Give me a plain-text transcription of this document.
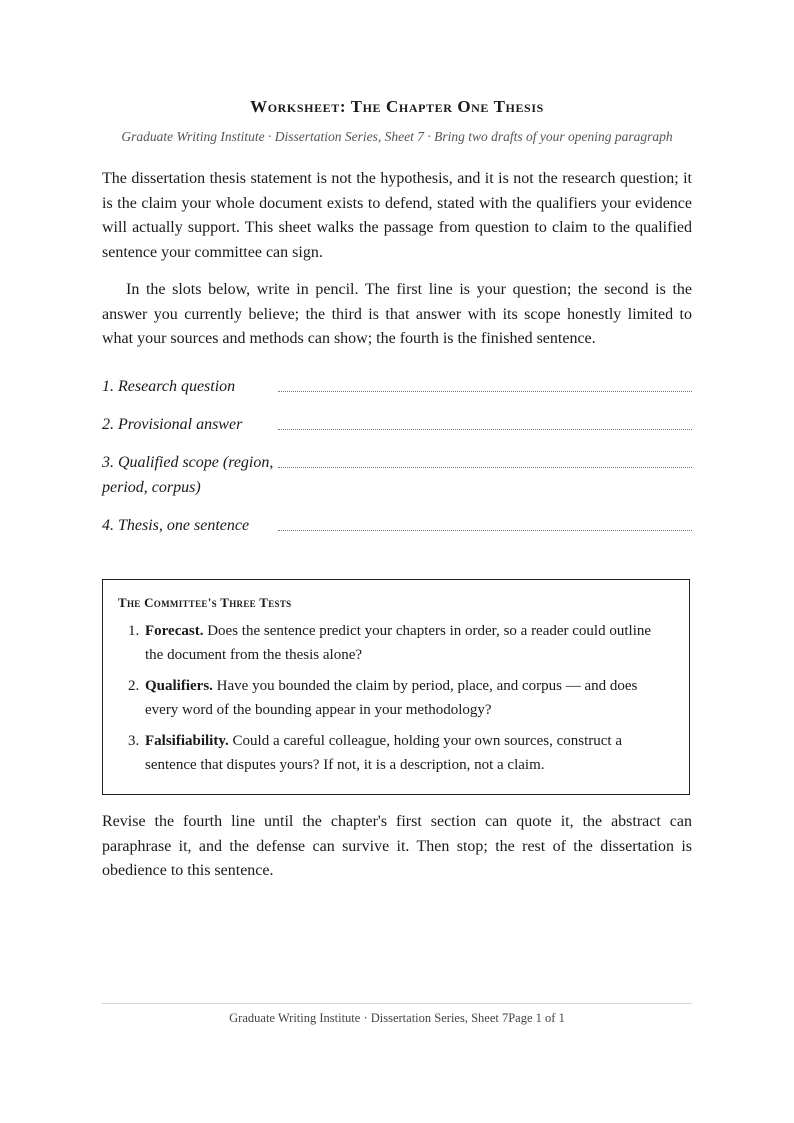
Worksheet: The Chapter One Thesis
Graduate Writing Institute · Dissertation Series, Sheet 7 · Bring two drafts of your opening paragraph

The dissertation thesis statement is not the hypothesis, and it is not the research question; it is the claim your whole document exists to defend, stated with the qualifiers your evidence will actually support. This sheet walks the passage from question to claim to the qualified sentence your committee can sign.

In the slots below, write in pencil. The first line is your question; the second is the answer you currently believe; the third is that answer with its scope honestly limited to what your sources and methods can show; the fourth is the finished sentence.

1. Research question
2. Provisional answer
3. Qualified scope (region, period, corpus)
4. Thesis, one sentence
The Committee's Three Tests
1. Forecast. Does the sentence predict your chapters in order, so a reader could outline the document from the thesis alone?
2. Qualifiers. Have you bounded the claim by period, place, and corpus — and does every word of the bounding appear in your methodology?
3. Falsifiability. Could a careful colleague, holding your own sources, construct a sentence that disputes yours? If not, it is a description, not a claim.

Revise the fourth line until the chapter's first section can quote it, the abstract can paraphrase it, and the defense can survive it. Then stop; the rest of the dissertation is obedience to this sentence.

Graduate Writing Institute · Dissertation Series, Sheet 7Page 1 of 1
